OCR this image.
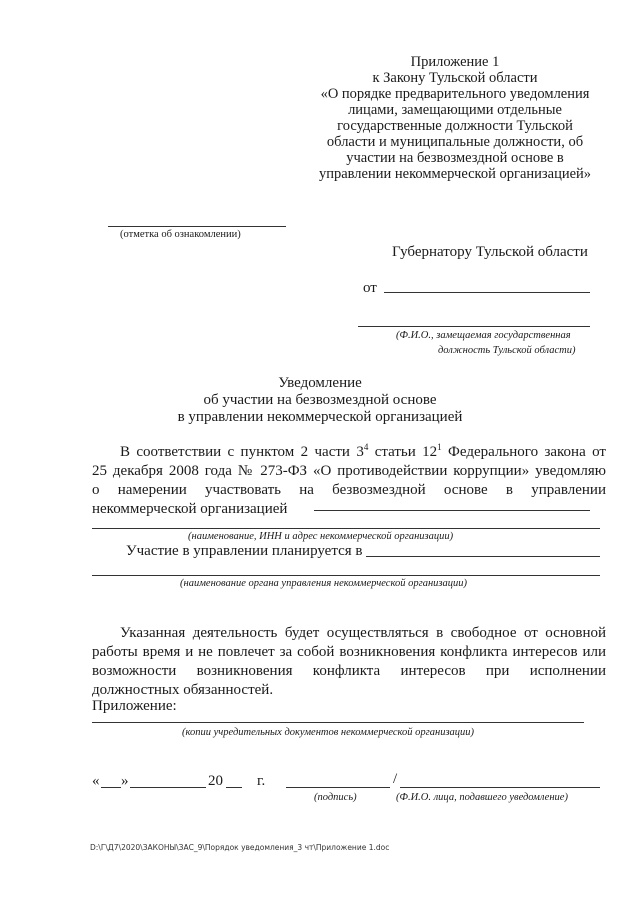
Приложение 1
к Закону Тульской области
«О порядке предварительного уведомления
лицами, замещающими отдельные
государственные должности Тульской
области и муниципальные должности, об
участии на безвозмездной основе в
управлении некоммерческой организацией»
(отметка об ознакомлении)
Губернатору Тульской области
от
(Ф.И.О., замещаемая государственная
должность Тульской области)
Уведомление
об участии на безвозмездной основе
в управлении некоммерческой организацией
В соответствии с пунктом 2 части $3^4$ статьи $12^1$ Федерального закона от
25 декабря 2008 года № 273-ФЗ «О противодействии коррупции» уведомляю
о намерении участвовать на безвозмездной основе в управлении
некоммерческой организацией
(наименование, ИНН и адрес некоммерческой организации)
Участие в управлении планируется в
(наименование органа управления некоммерческой организации)
Указанная деятельность будет осуществляться в свободное от основной
работы время и не повлечет за собой возникновения конфликта интересов или
возможности возникновения конфликта интересов при исполнении
должностных обязанностей.
Приложение:
(копии учредительных документов некоммерческой организации)
« »	20 г.	/
(подпись)	(Ф.И.О. лица, подавшего уведомление)
D:\Г\Д7\2020\ЗАКОНЫ\ЗАС_9\Порядок уведомления_3 чт\Приложение 1.doc
